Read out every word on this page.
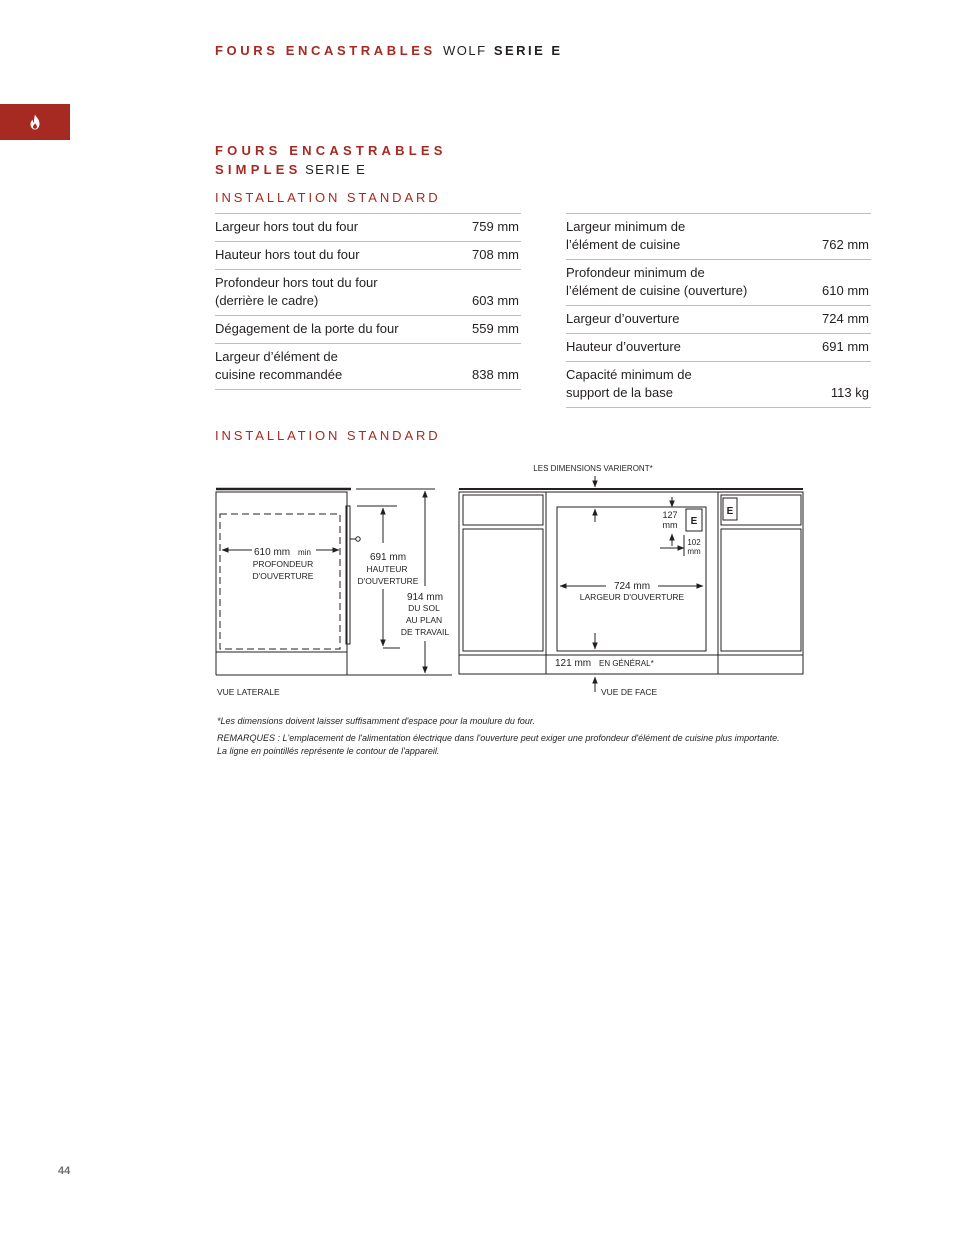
FOURS ENCASTRABLES WOLF SERIE E
FOURS ENCASTRABLES
SIMPLES SERIE E
INSTALLATION STANDARD
Largeur hors tout du four	759 mm
Hauteur hors tout du four	708 mm
Profondeur hors tout du four
(derrière le cadre)	603 mm
Dégagement de la porte du four	559 mm
Largeur d’élément de
cuisine recommandée	838 mm
Largeur minimum de
l’élément de cuisine	762 mm
Profondeur minimum de
l’élément de cuisine (ouverture)	610 mm
Largeur d’ouverture	724 mm
Hauteur d’ouverture	691 mm
Capacité minimum de
support de la base	113 kg
INSTALLATION STANDARD
610 mm min
PROFONDEUR
D'OUVERTURE
691 mm
HAUTEUR
D'OUVERTURE
914 mm
DU SOL
AU PLAN
DE TRAVAIL
VUE LATERALE
E
E
LES DIMENSIONS VARIERONT*
127
mm
102
mm
724 mm
LARGEUR D'OUVERTURE
121 mm EN GÉNÉRAL*
VUE DE FACE
*Les dimensions doivent laisser suffisamment d'espace pour la moulure du four.
REMARQUES : L'emplacement de l'alimentation électrique dans l'ouverture peut exiger une profondeur d'élément de cuisine plus importante.
La ligne en pointillés représente le contour de l'appareil.
44
